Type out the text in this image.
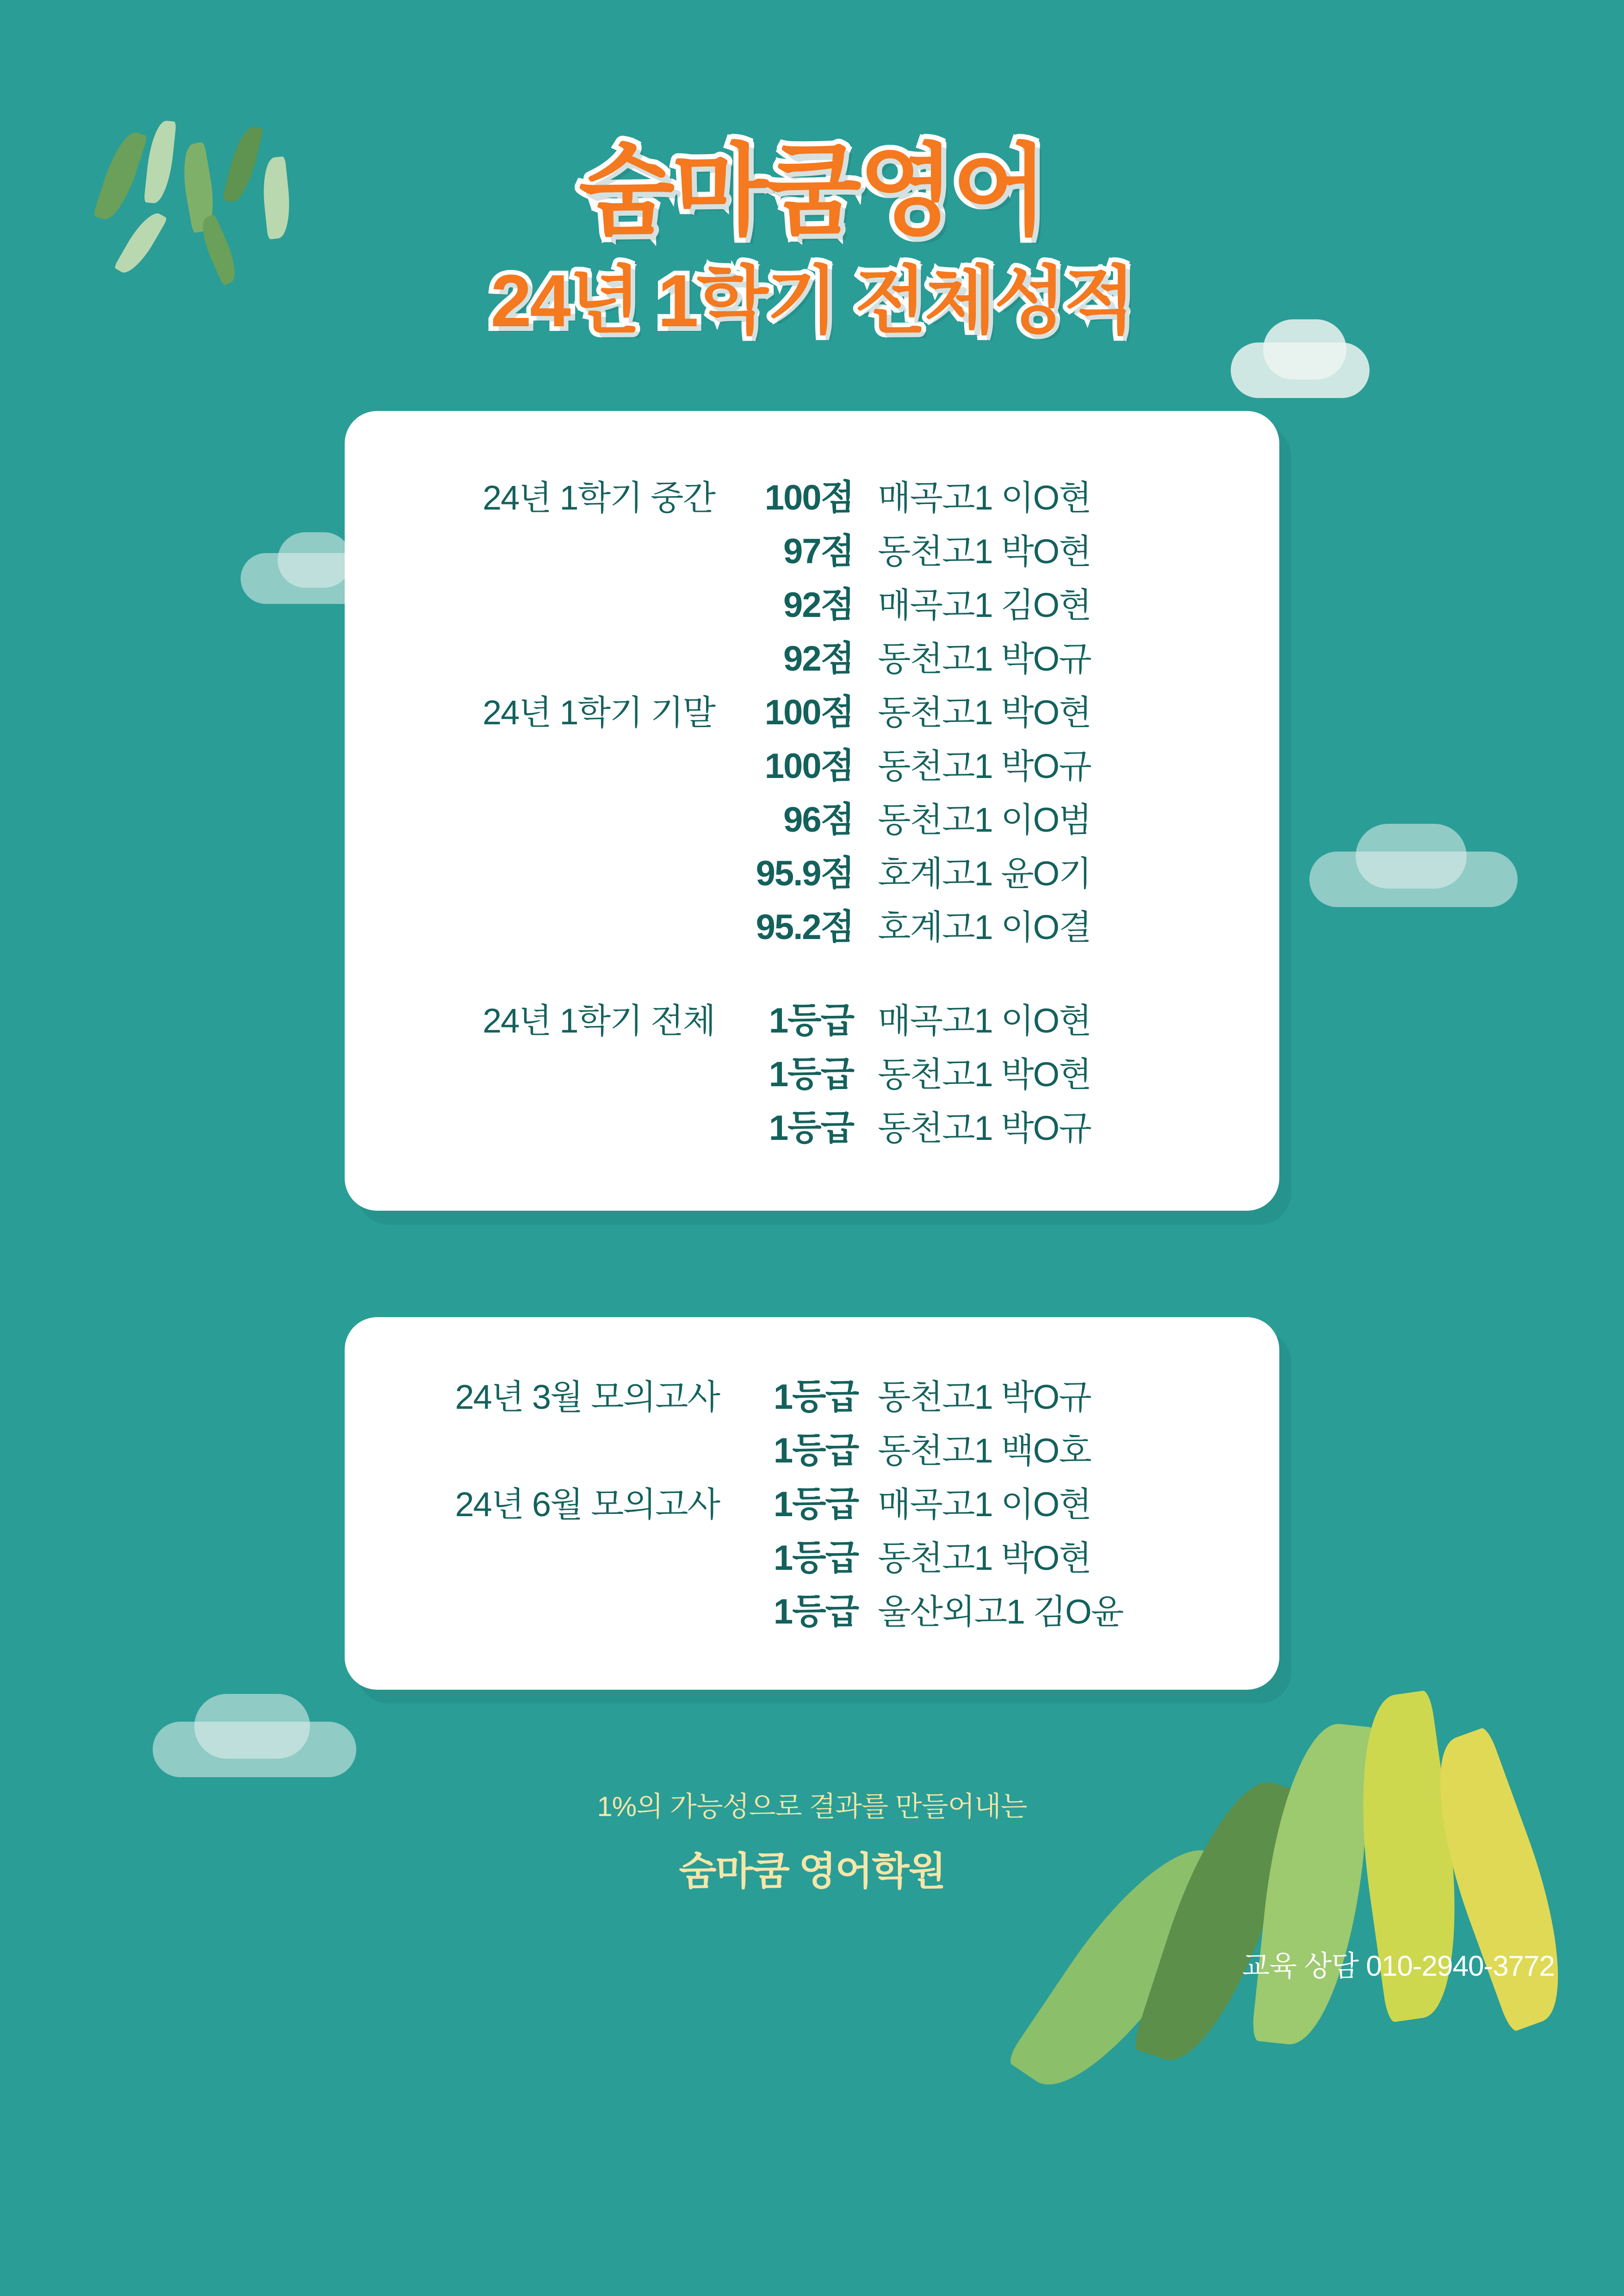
숨마쿰영어
24년 1학기 전체성적
24년 1학기 중간	100점 매곡고1 이O현
97점 동천고1 박O현
92점 매곡고1 김O현
92점 동천고1 박O규
24년 1학기 기말	100점 동천고1 박O현
100점 동천고1 박O규
96점 동천고1 이O범
95.9점 호계고1 윤O기
95.2점 호계고1 이O결
24년 1학기 전체	1등급 매곡고1 이O현
1등급 동천고1 박O현
1등급 동천고1 박O규
24년 3월 모의고사	1등급 동천고1 박O규
1등급 동천고1 백O호
24년 6월 모의고사	1등급 매곡고1 이O현
1등급 동천고1 박O현
1등급 울산외고1 김O윤
1%의 가능성으로 결과를 만들어내는
숨마쿰 영어학원
교육 상담 010-2940-3772
